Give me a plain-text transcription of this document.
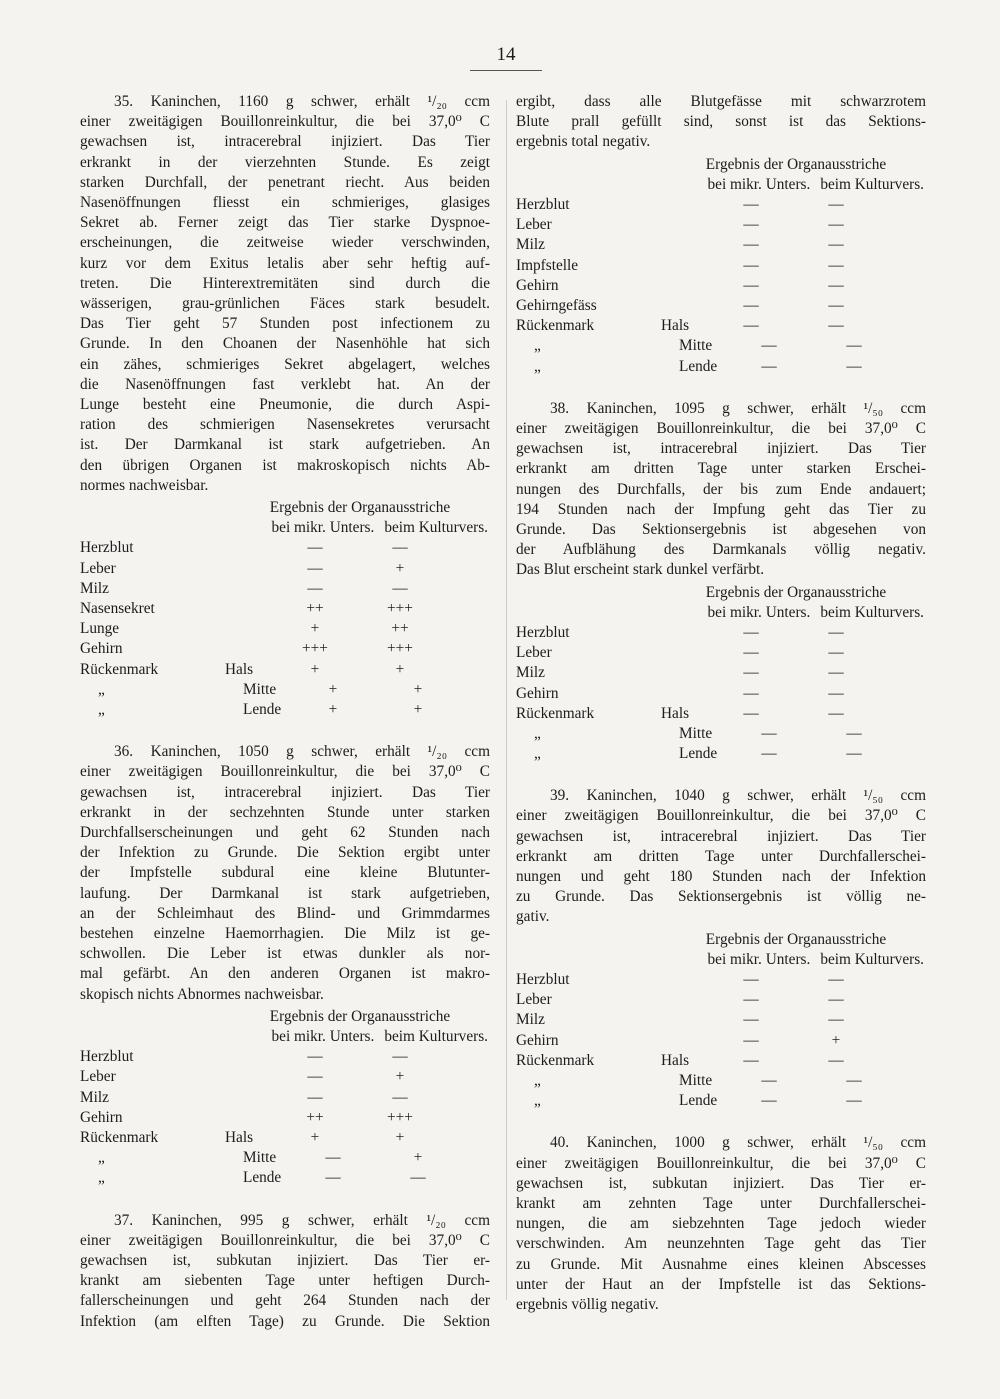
14
35. Kaninchen, 1160 g schwer, erhält ¹/₂₀ ccm
einer zweitägigen Bouillonreinkultur, die bei 37,0⁰ C
gewachsen ist, intracerebral injiziert. Das Tier
erkrankt in der vierzehnten Stunde. Es zeigt
starken Durchfall, der penetrant riecht. Aus beiden
Nasenöffnungen fliesst ein schmieriges, glasiges
Sekret ab. Ferner zeigt das Tier starke Dyspnoe-
erscheinungen, die zeitweise wieder verschwinden,
kurz vor dem Exitus letalis aber sehr heftig auf-
treten. Die Hinterextremitäten sind durch die
wässerigen, grau-grünlichen Fäces stark besudelt.
Das Tier geht 57 Stunden post infectionem zu
Grunde. In den Choanen der Nasenhöhle hat sich
ein zähes, schmieriges Sekret abgelagert, welches
die Nasenöffnungen fast verklebt hat. An der
Lunge besteht eine Pneumonie, die durch Aspi-
ration des schmierigen Nasensekretes verursacht
ist. Der Darmkanal ist stark aufgetrieben. An
den übrigen Organen ist makroskopisch nichts Ab-
normes nachweisbar.
Ergebnis der Organausstriche
bei mikr. Unters. beim Kulturvers.
Herzblut	—	—
Leber	—	+
Milz	—	—
Nasensekret	++	+++
Lunge	+	++
Gehirn	+++	+++
Rückenmark	Hals	+	+
„	Mitte	+	+
„	Lende	+	+
36. Kaninchen, 1050 g schwer, erhält ¹/₂₀ ccm
einer zweitägigen Bouillonreinkultur, die bei 37,0⁰ C
gewachsen ist, intracerebral injiziert. Das Tier
erkrankt in der sechzehnten Stunde unter starken
Durchfallserscheinungen und geht 62 Stunden nach
der Infektion zu Grunde. Die Sektion ergibt unter
der Impfstelle subdural eine kleine Blutunter-
laufung. Der Darmkanal ist stark aufgetrieben,
an der Schleimhaut des Blind- und Grimmdarmes
bestehen einzelne Haemorrhagien. Die Milz ist ge-
schwollen. Die Leber ist etwas dunkler als nor-
mal gefärbt. An den anderen Organen ist makro-
skopisch nichts Abnormes nachweisbar.
Ergebnis der Organausstriche
bei mikr. Unters. beim Kulturvers.
Herzblut	—	—
Leber	—	+
Milz	—	—
Gehirn	++	+++
Rückenmark	Hals	+	+
„	Mitte	—	+
„	Lende	—	—
37. Kaninchen, 995 g schwer, erhält ¹/₂₀ ccm
einer zweitägigen Bouillonreinkultur, die bei 37,0⁰ C
gewachsen ist, subkutan injiziert. Das Tier er-
krankt am siebenten Tage unter heftigen Durch-
fallerscheinungen und geht 264 Stunden nach der
Infektion (am elften Tage) zu Grunde. Die Sektion
ergibt, dass alle Blutgefässe mit schwarzrotem
Blute prall gefüllt sind, sonst ist das Sektions-
ergebnis total negativ.
Ergebnis der Organausstriche
bei mikr. Unters. beim Kulturvers.
Herzblut	—	—
Leber	—	—
Milz	—	—
Impfstelle	—	—
Gehirn	—	—
Gehirngefäss	—	—
Rückenmark	Hals	—	—
„	Mitte	—	—
„	Lende	—	—
38. Kaninchen, 1095 g schwer, erhält ¹/₅₀ ccm
einer zweitägigen Bouillonreinkultur, die bei 37,0⁰ C
gewachsen ist, intracerebral injiziert. Das Tier
erkrankt am dritten Tage unter starken Erschei-
nungen des Durchfalls, der bis zum Ende andauert;
194 Stunden nach der Impfung geht das Tier zu
Grunde. Das Sektionsergebnis ist abgesehen von
der Aufblähung des Darmkanals völlig negativ.
Das Blut erscheint stark dunkel verfärbt.
Ergebnis der Organausstriche
bei mikr. Unters. beim Kulturvers.
Herzblut	—	—
Leber	—	—
Milz	—	—
Gehirn	—	—
Rückenmark	Hals	—	—
„	Mitte	—	—
„	Lende	—	—
39. Kaninchen, 1040 g schwer, erhält ¹/₅₀ ccm
einer zweitägigen Bouillonreinkultur, die bei 37,0⁰ C
gewachsen ist, intracerebral injiziert. Das Tier
erkrankt am dritten Tage unter Durchfallerschei-
nungen und geht 180 Stunden nach der Infektion
zu Grunde. Das Sektionsergebnis ist völlig ne-
gativ.
Ergebnis der Organausstriche
bei mikr. Unters. beim Kulturvers.
Herzblut	—	—
Leber	—	—
Milz	—	—
Gehirn	—	+
Rückenmark	Hals	—	—
„	Mitte	—	—
„	Lende	—	—
40. Kaninchen, 1000 g schwer, erhält ¹/₅₀ ccm
einer zweitägigen Bouillonreinkultur, die bei 37,0⁰ C
gewachsen ist, subkutan injiziert. Das Tier er-
krankt am zehnten Tage unter Durchfallerschei-
nungen, die am siebzehnten Tage jedoch wieder
verschwinden. Am neunzehnten Tage geht das Tier
zu Grunde. Mit Ausnahme eines kleinen Abscesses
unter der Haut an der Impfstelle ist das Sektions-
ergebnis völlig negativ.
